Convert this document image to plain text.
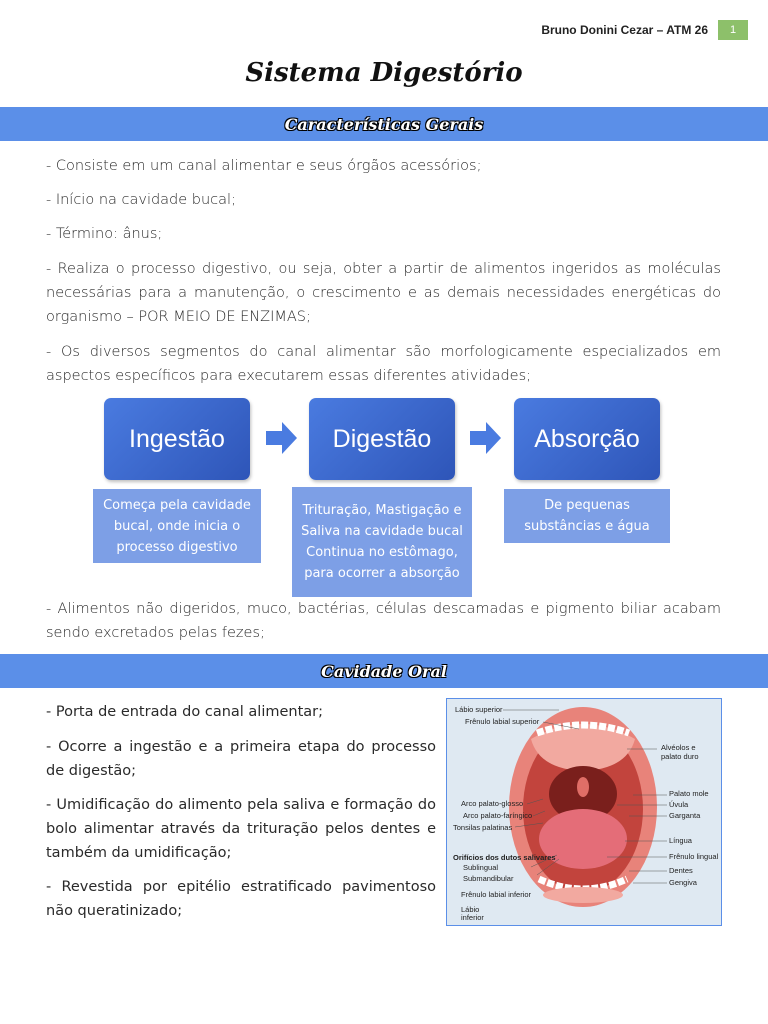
Bruno Donini Cezar – ATM 26	1
Sistema Digestório
Características Gerais
- Consiste em um canal alimentar e seus órgãos acessórios;
- Início na cavidade bucal;
- Término: ânus;
- Realiza o processo digestivo, ou seja, obter a partir de alimentos ingeridos as moléculas necessárias para a manutenção, o crescimento e as demais necessidades energéticas do organismo – POR MEIO DE ENZIMAS;
- Os diversos segmentos do canal alimentar são morfologicamente especializados em aspectos específicos para executarem essas diferentes atividades;
Ingestão	Digestão	Absorção
Começa pela cavidade bucal, onde inicia o processo digestivo
Trituração, Mastigação e Saliva na cavidade bucal Continua no estômago, para ocorrer a absorção
De pequenas substâncias e água
- Alimentos não digeridos, muco, bactérias, células descamadas e pigmento biliar acabam sendo excretados pelas fezes;
Cavidade Oral
- Porta de entrada do canal alimentar;
- Ocorre a ingestão e a primeira etapa do processo de digestão;
- Umidificação do alimento pela saliva e formação do bolo alimentar através da trituração pelos dentes e também da umidificação;
- Revestida por epitélio estratificado pavimentoso não queratinizado;
Lábio superior
Frênulo labial superior
Arco palato-glosso
Arco palato-faríngico
Tonsilas palatinas
Orifícios dos dutos salivares
Sublingual
Submandibular
Frênulo labial inferior
Lábio inferior
Alvéolos e palato duro
Palato mole
Úvula
Garganta
Língua
Frênulo lingual
Dentes
Gengiva
